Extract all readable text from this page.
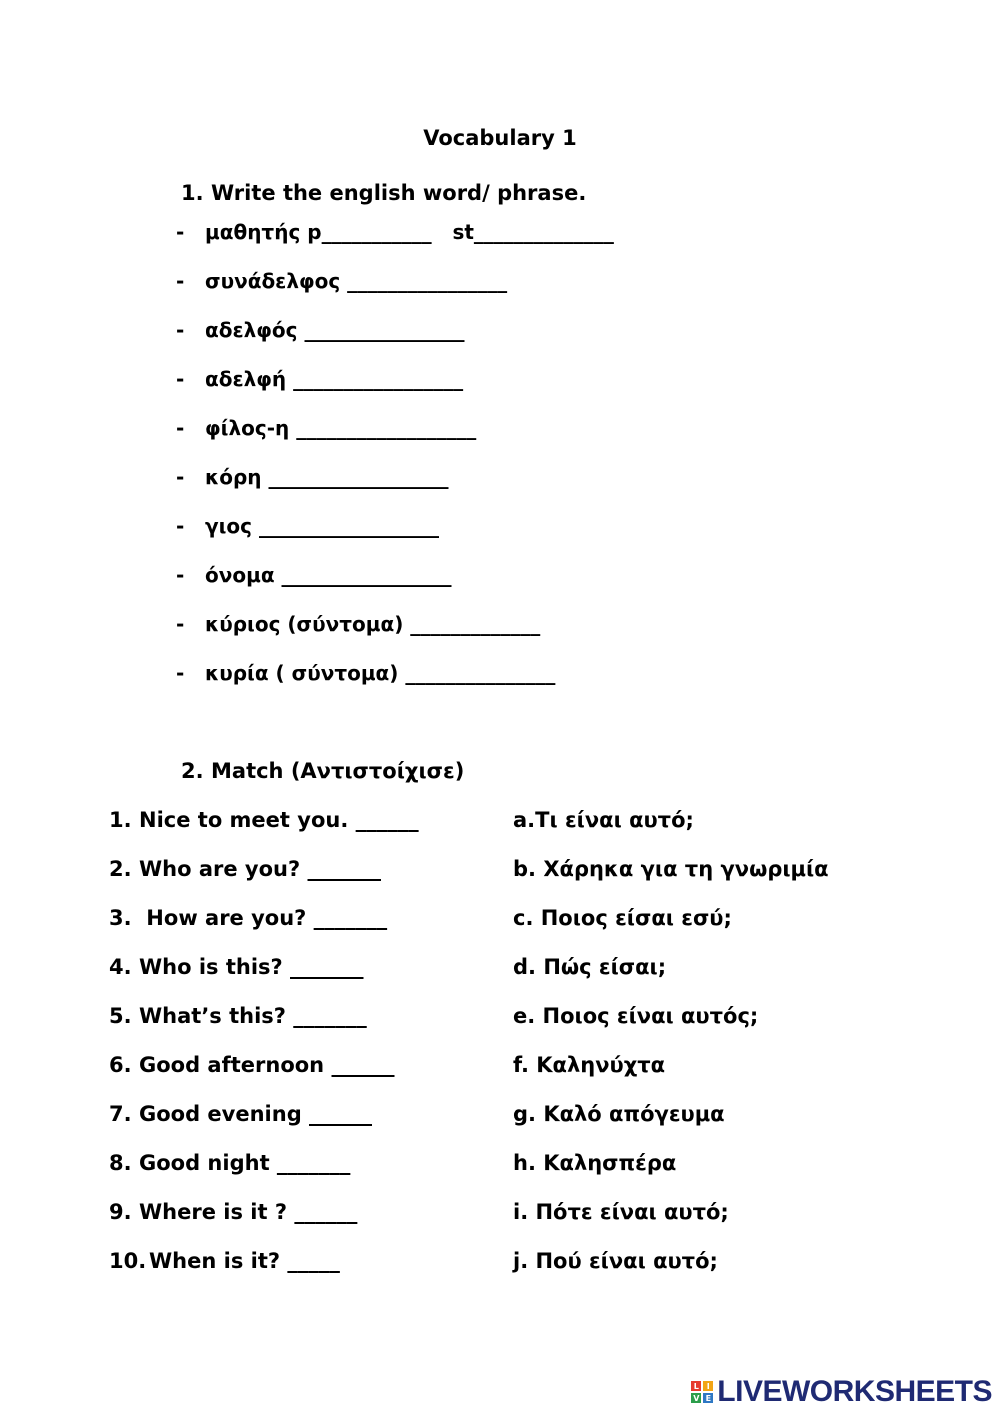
Vocabulary 1
1. Write the english word/ phrase.
- μαθητής p___________   st______________
- συνάδελφος ________________
- αδελφός ________________
- αδελφή _________________
- φίλος-η __________________
- κόρη __________________
- γιος __________________
- όνομα _________________
- κύριος (σύντομα) _____________
- κυρία ( σύντομα) _______________
2. Match (Αντιστοίχισε)
1. Nice to meet you. ______
2. Who are you? _______
3. How are you? _______
4. Who is this? _______
5. What’s this? _______
6. Good afternoon ______
7. Good evening ______
8. Good night _______
9. Where is it ? ______
10. When is it? _____
a.Τι είναι αυτό;
b. Χάρηκα για τη γνωριμία
c. Ποιος είσαι εσύ;
d. Πώς είσαι;
e. Ποιος είναι αυτός;
f. Καληνύχτα
g. Καλό απόγευμα
h. Καλησπέρα
i. Πότε είναι αυτό;
j. Πού είναι αυτό;
L I
V E LIVEWORKSHEETS
